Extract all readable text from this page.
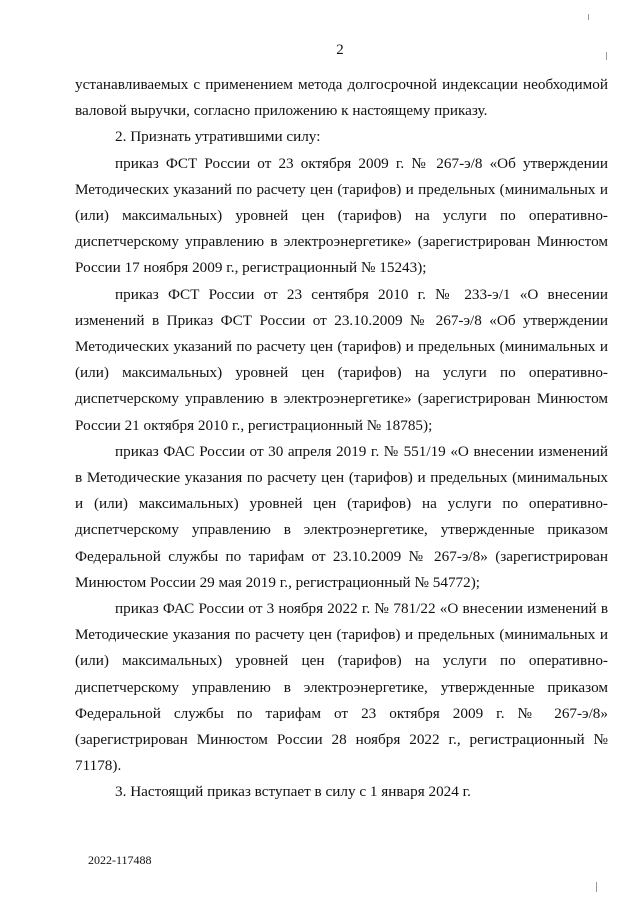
2

устанавливаемых с применением метода долгосрочной индексации необходимой валовой выручки, согласно приложению к настоящему приказу.

2. Признать утратившими силу:

приказ ФСТ России от 23 октября 2009 г. № 267-э/8 «Об утверждении Методических указаний по расчету цен (тарифов) и предельных (минимальных и (или) максимальных) уровней цен (тарифов) на услуги по оперативно-диспетчерскому управлению в электроэнергетике» (зарегистрирован Минюстом России 17 ноября 2009 г., регистрационный № 15243);

приказ ФСТ России от 23 сентября 2010 г. № 233-э/1 «О внесении изменений в Приказ ФСТ России от 23.10.2009 № 267-э/8 «Об утверждении Методических указаний по расчету цен (тарифов) и предельных (минимальных и (или) максимальных) уровней цен (тарифов) на услуги по оперативно-диспетчерскому управлению в электроэнергетике» (зарегистрирован Минюстом России 21 октября 2010 г., регистрационный № 18785);

приказ ФАС России от 30 апреля 2019 г. № 551/19 «О внесении изменений в Методические указания по расчету цен (тарифов) и предельных (минимальных и (или) максимальных) уровней цен (тарифов) на услуги по оперативно-диспетчерскому управлению в электроэнергетике, утвержденные приказом Федеральной службы по тарифам от 23.10.2009 № 267-э/8» (зарегистрирован Минюстом России 29 мая 2019 г., регистрационный № 54772);

приказ ФАС России от 3 ноября 2022 г. № 781/22 «О внесении изменений в Методические указания по расчету цен (тарифов) и предельных (минимальных и (или) максимальных) уровней цен (тарифов) на услуги по оперативно-диспетчерскому управлению в электроэнергетике, утвержденные приказом Федеральной службы по тарифам от 23 октября 2009 г. № 267-э/8» (зарегистрирован Минюстом России 28 ноября 2022 г., регистрационный № 71178).

3. Настоящий приказ вступает в силу с 1 января 2024 г.

2022-117488
